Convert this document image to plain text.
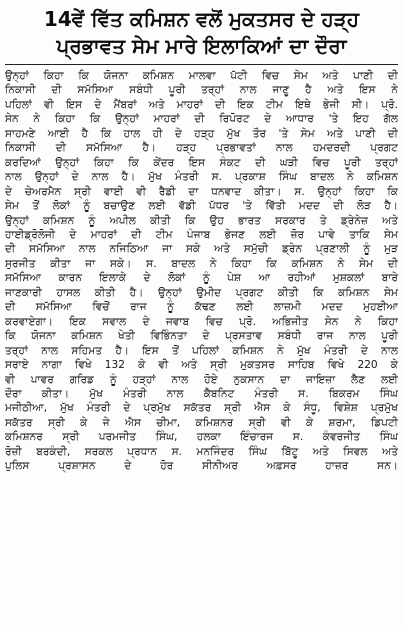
14ਵੇਂ ਵਿੱਤ ਕਮਿਸ਼ਨ ਵਲੋਂ ਮੁਕਤਸਰ ਦੇ ਹੜ੍ਹ
ਪ੍ਰਭਾਵਤ ਸੇਮ ਮਾਰੇ ਇਲਾਕਿਆਂ ਦਾ ਦੌਰਾ
ਉਨ੍ਹਾਂ ਕਿਹਾ ਕਿ ਯੋਜਨਾ ਕਮਿਸ਼ਨ ਮਾਲਵਾ ਪੱਟੀ ਵਿਚ ਸੇਮ ਅਤੇ ਪਾਣੀ ਦੀ
ਨਿਕਾਸੀ ਦੀ ਸਮੱਸਿਆ ਸਬੰਧੀ ਪੂਰੀ ਤਰ੍ਹਾਂ ਨਾਲ ਜਾਣੂ ਹੈ ਅਤੇ ਇਸ ਨੇ
ਪਹਿਲਾਂ ਵੀ ਇਸ ਦੇ ਮੈਂਬਰਾਂ ਅਤੇ ਮਾਹਰਾਂ ਦੀ ਇਕ ਟੀਮ ਇਥੇ ਭੇਜੀ ਸੀ। ਪ੍ਰੋ.
ਸੇਨ ਨੇ ਕਿਹਾ ਕਿ ਉਨ੍ਹਾਂ ਮਾਹਰਾਂ ਦੀ ਰਿਪੋਰਟ ਦੇ ਆਧਾਰ 'ਤੇ ਇਹ ਗੱਲ
ਸਾਹਮਣੇ ਆਈ ਹੈ ਕਿ ਹਾਲ ਹੀ ਦੇ ਹੜ੍ਹ ਮੁੱਖ ਤੌਰ 'ਤੇ ਸੇਮ ਅਤੇ ਪਾਣੀ ਦੀ
ਨਿਕਾਸੀ ਦੀ ਸਮੱਸਿਆ ਹੈ। ਹੜ੍ਹ ਪ੍ਰਭਾਵਤਾਂ ਨਾਲ ਹਮਦਰਦੀ ਪ੍ਰਗਟ
ਕਰਦਿਆਂ ਉਨ੍ਹਾਂ ਕਿਹਾ ਕਿ ਕੇਂਦਰ ਇਸ ਸੰਕਟ ਦੀ ਘੜੀ ਵਿਚ ਪੂਰੀ ਤਰ੍ਹਾਂ
ਨਾਲ ਉਨ੍ਹਾਂ ਦੇ ਨਾਲ ਹੈ। ਮੁੱਖ ਮੰਤਰੀ ਸ. ਪ੍ਰਕਾਸ਼ ਸਿੰਘ ਬਾਦਲ ਨੇ ਕਮਿਸ਼ਨ
ਦੇ ਚੇਅਰਮੈਨ ਸ੍ਰੀ ਵਾਈ ਵੀ ਰੈਡੀ ਦਾ ਧਨਵਾਦ ਕੀਤਾ। ਸ. ਉਨ੍ਹਾਂ ਕਿਹਾ ਕਿ
ਸੇਮ ਤੋਂ ਲੋਕਾਂ ਨੂੰ ਬਚਾਉਣ ਲਈ ਵੱਡੀ ਪੱਧਰ 'ਤੇ ਵਿੱਤੀ ਮਦਦ ਦੀ ਲੋੜ ਹੈ।
ਉਨ੍ਹਾਂ ਕਮਿਸ਼ਨ ਨੂੰ ਅਪੀਲ ਕੀਤੀ ਕਿ ਉਹ ਭਾਰਤ ਸਰਕਾਰ ਤੇ ਡ੍ਰੇਨੇਜ਼ ਅਤੇ
ਹਾਈਡ੍ਰੋਲੋਜੀ ਦੇ ਮਾਹਰਾਂ ਦੀ ਟੀਮ ਪੰਜਾਬ ਭੇਜਣ ਲਈ ਜ਼ੋਰ ਪਾਵੇ ਤਾਕਿ ਸੇਮ
ਦੀ ਸਮੱਸਿਆ ਨਾਲ ਨਜਿਠਿਆ ਜਾ ਸਕੇ ਅਤੇ ਸਮੁੱਚੀ ਡ੍ਰੇਨ ਪ੍ਰਣਾਲੀ ਨੂੰ ਮੁੜ
ਸੁਰਜੀਤ ਕੀਤਾ ਜਾ ਸਕੇ। ਸ. ਬਾਦਲ ਨੇ ਕਿਹਾ ਕਿ ਕਮਿਸ਼ਨ ਨੇ ਸੇਮ ਦੀ
ਸਮੱਸਿਆ ਕਾਰਨ ਇਲਾਕੇ ਦੇ ਲੋਕਾਂ ਨੂੰ ਪੇਸ਼ ਆ ਰਹੀਆਂ ਮੁਸ਼ਕਲਾਂ ਬਾਰੇ
ਜਾਣਕਾਰੀ ਹਾਸਲ ਕੀਤੀ ਹੈ। ਉਨ੍ਹਾਂ ਉਮੀਦ ਪ੍ਰਗਟ ਕੀਤੀ ਕਿ ਕਮਿਸ਼ਨ ਸੇਮ
ਦੀ ਸਮੱਸਿਆ ਵਿਚੋਂ ਰਾਜ ਨੂੰ ਕੱਢਣ ਲਈ ਲਾਜ਼ਮੀ ਮਦਦ ਮੁਹਈਆ
ਕਰਵਾਏਗਾ। ਇਕ ਸਵਾਲ ਦੇ ਜਵਾਬ ਵਿਚ ਪ੍ਰੋ. ਅਭਿਜੀਤ ਸੇਨ ਨੇ ਕਿਹਾ
ਕਿ ਯੋਜਨਾ ਕਮਿਸ਼ਨ ਖੇਤੀ ਵਿਭਿੰਨਤਾ ਦੇ ਪ੍ਰਸਤਾਵ ਸਬੰਧੀ ਰਾਜ ਨਾਲ ਪੂਰੀ
ਤਰ੍ਹਾਂ ਨਾਲ ਸਹਿਮਤ ਹੈ। ਇਸ ਤੋਂ ਪਹਿਲਾਂ ਕਮਿਸ਼ਨ ਨੇ ਮੁੱਖ ਮੰਤਰੀ ਦੇ ਨਾਲ
ਸਰਾਏ ਨਾਗਾ ਵਿਖੇ 132 ਕੇ ਵੀ ਅਤੇ ਸ੍ਰੀ ਮੁਕਤਸਰ ਸਾਹਿਬ ਵਿਖੇ 220 ਕੇ
ਵੀ ਪਾਵਰ ਗਰਿਡ ਨੂੰ ਹੜ੍ਹਾਂ ਨਾਲ ਹੋਏ ਨੁਕਸਾਨ ਦਾ ਜਾਇਜ਼ਾ ਲੈਣ ਲਈ
ਦੌਰਾ ਕੀਤਾ। ਮੁੱਖ ਮੰਤਰੀ ਨਾਲ ਕੈਬਨਿਟ ਮੰਤਰੀ ਸ. ਬਿਕਰਮ ਸਿੰਘ
ਮਜੀਠੀਆ, ਮੁੱਖ ਮੰਤਰੀ ਦੇ ਪ੍ਰਮੁੱਖ ਸਕੱਤਰ ਸ੍ਰੀ ਐਸ ਕੇ ਸੰਧੂ, ਵਿਸ਼ੇਸ਼ ਪ੍ਰਮੁੱਖ
ਸਕੱਤਰ ਸ੍ਰੀ ਕੇ ਜੇ ਐਸ ਚੀਮਾ, ਕਮਿਸ਼ਨਰ ਸ੍ਰੀ ਵੀ ਕੇ ਸ਼ਰਮਾ, ਡਿਪਟੀ
ਕਮਿਸ਼ਨਰ ਸ੍ਰੀ ਪਰਮਜੀਤ ਸਿੰਘ, ਹਲਕਾ ਇੰਚਾਰਜ ਸ. ਕੰਵਰਜੀਤ ਸਿੰਘ
ਰੋਜ਼ੀ ਬਰਕੰਦੀ, ਸਰਕਲ ਪ੍ਰਧਾਨ ਸ. ਮਨਜਿੰਦਰ ਸਿੰਘ ਬਿੱਟੂ ਅਤੇ ਸਿਵਲ ਅਤੇ
ਪੁਲਿਸ ਪ੍ਰਸ਼ਾਸਨ ਦੇ ਹੋਰ ਸੀਨੀਅਰ ਅਫ਼ਸਰ ਹਾਜ਼ਰ ਸਨ।
